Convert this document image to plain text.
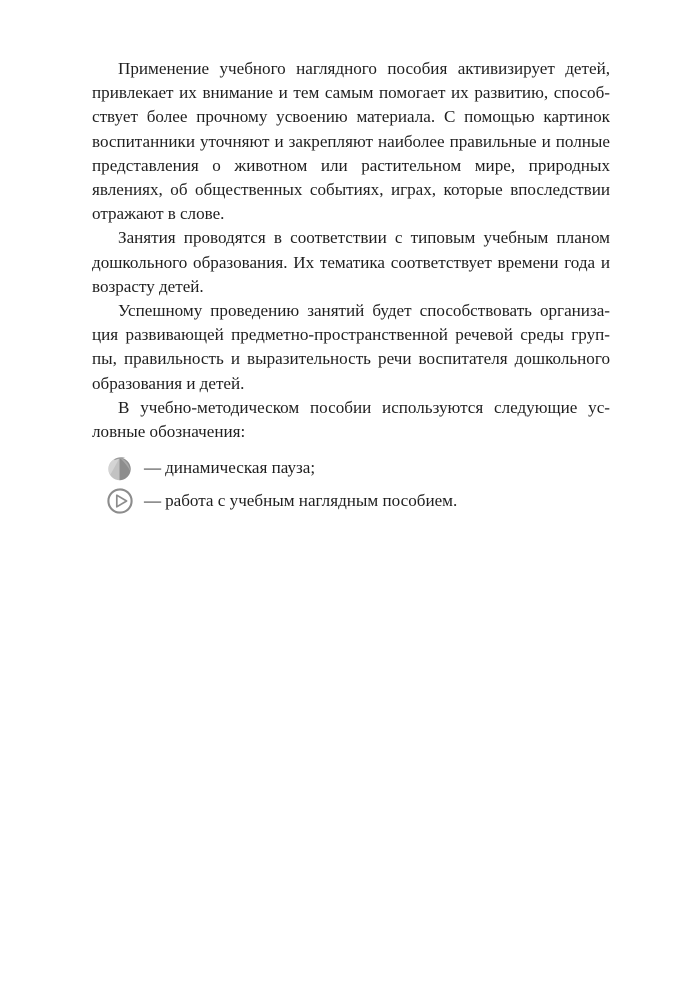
Применение учебного наглядного пособия активизирует детей, привлекает их внимание и тем самым помогает их развитию, способствует более прочному усвоению материала. С помощью картинок воспитанники уточняют и закрепляют наиболее правильные и полные представления о животном или растительном мире, природных явлениях, об общественных событиях, играх, которые впоследствии отражают в слове.

Занятия проводятся в соответствии с типовым учебным планом дошкольного образования. Их тематика соответствует времени года и возрасту детей.

Успешному проведению занятий будет способствовать организация развивающей предметно-пространственной речевой среды группы, правильность и выразительность речи воспитателя дошкольного образования и детей.

В учебно-методическом пособии используются следующие условные обозначения:

— динамическая пауза;
— работа с учебным наглядным пособием.
